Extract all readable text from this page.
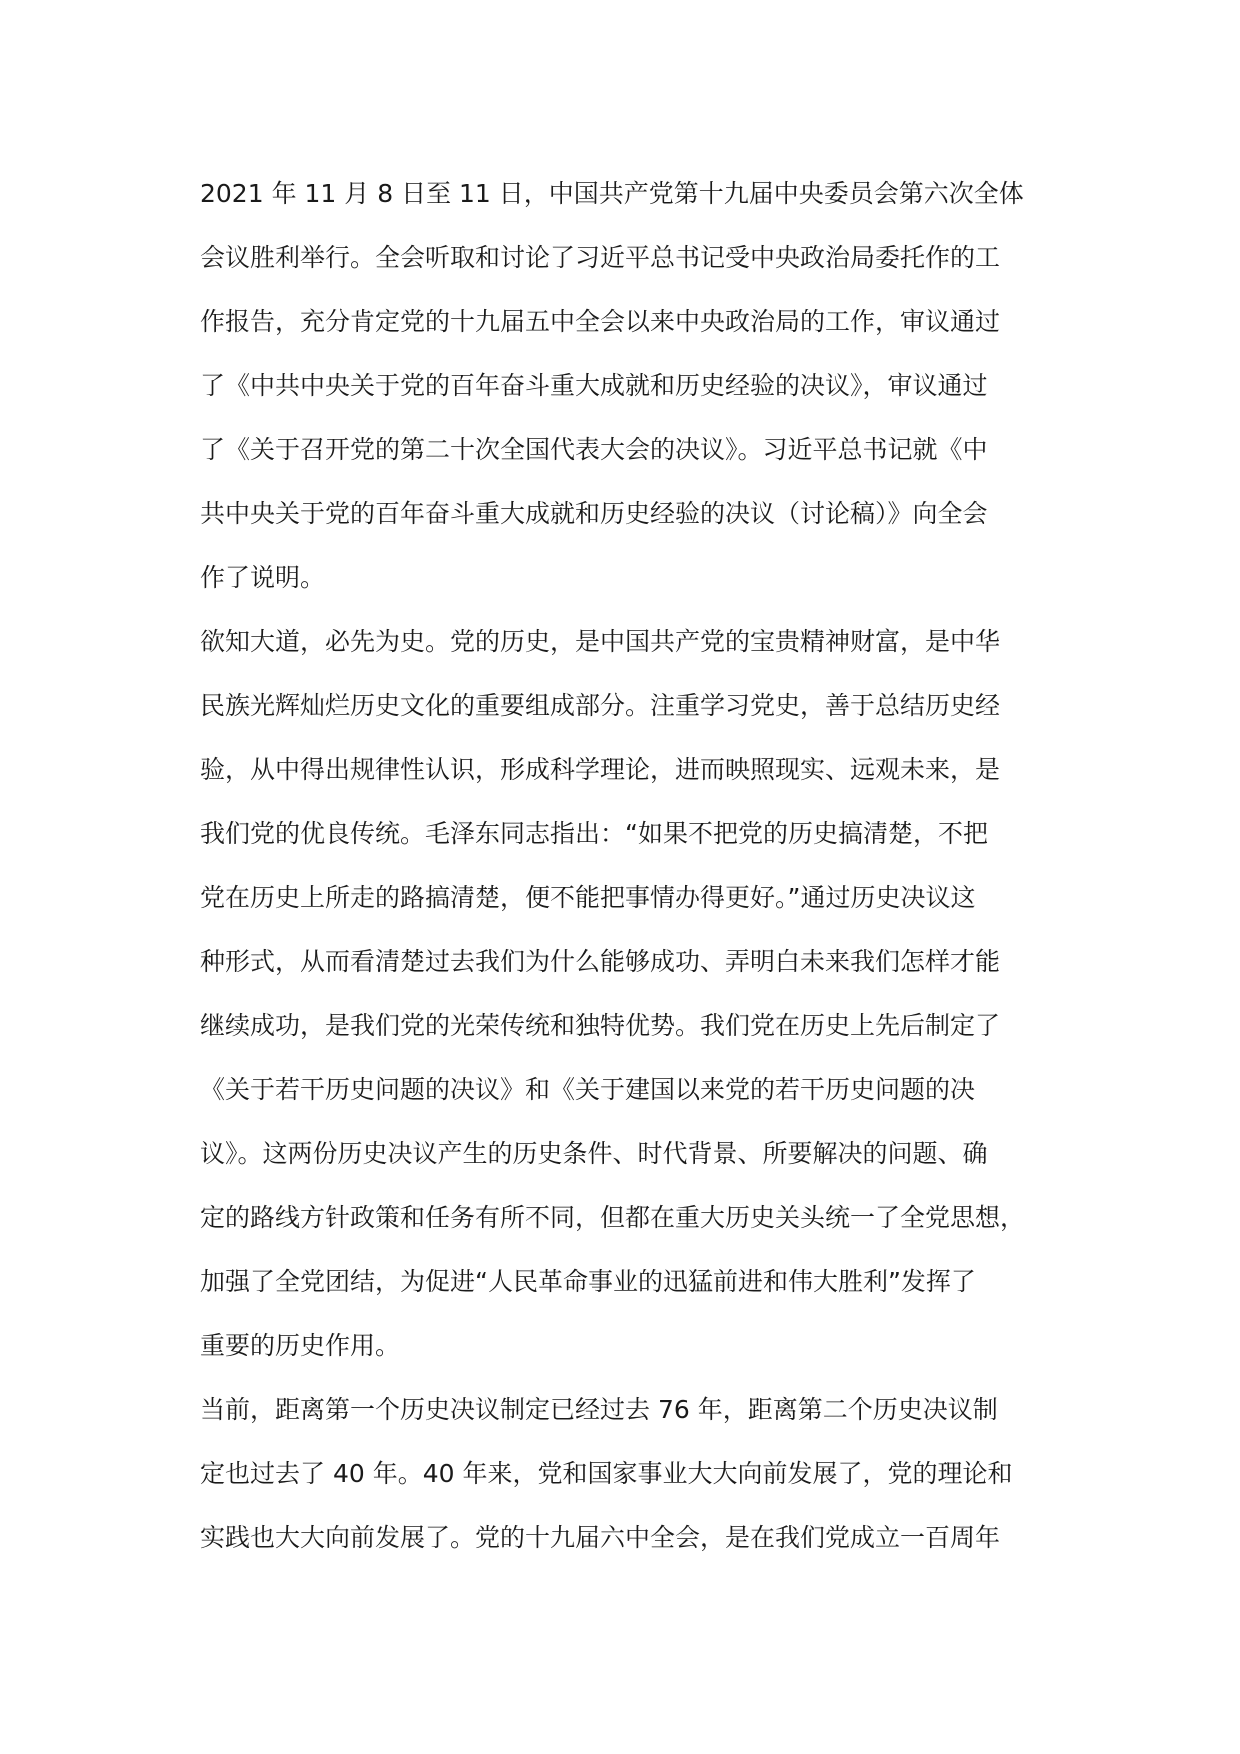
2021 年 11 月 8 日至 11 日，中国共产党第十九届中央委员会第六次全体
会议胜利举行。全会听取和讨论了习近平总书记受中央政治局委托作的工
作报告，充分肯定党的十九届五中全会以来中央政治局的工作，审议通过
了《中共中央关于党的百年奋斗重大成就和历史经验的决议》，审议通过
了《关于召开党的第二十次全国代表大会的决议》。习近平总书记就《中
共中央关于党的百年奋斗重大成就和历史经验的决议（讨论稿）》向全会
作了说明。
欲知大道，必先为史。党的历史，是中国共产党的宝贵精神财富，是中华
民族光辉灿烂历史文化的重要组成部分。注重学习党史，善于总结历史经
验，从中得出规律性认识，形成科学理论，进而映照现实、远观未来，是
我们党的优良传统。毛泽东同志指出：“如果不把党的历史搞清楚，不把
党在历史上所走的路搞清楚，便不能把事情办得更好。”通过历史决议这
种形式，从而看清楚过去我们为什么能够成功、弄明白未来我们怎样才能
继续成功，是我们党的光荣传统和独特优势。我们党在历史上先后制定了
《关于若干历史问题的决议》和《关于建国以来党的若干历史问题的决
议》。这两份历史决议产生的历史条件、时代背景、所要解决的问题、确
定的路线方针政策和任务有所不同，但都在重大历史关头统一了全党思想，
加强了全党团结，为促进“人民革命事业的迅猛前进和伟大胜利”发挥了
重要的历史作用。
当前，距离第一个历史决议制定已经过去 76 年，距离第二个历史决议制
定也过去了 40 年。40 年来，党和国家事业大大向前发展了，党的理论和
实践也大大向前发展了。党的十九届六中全会，是在我们党成立一百周年
